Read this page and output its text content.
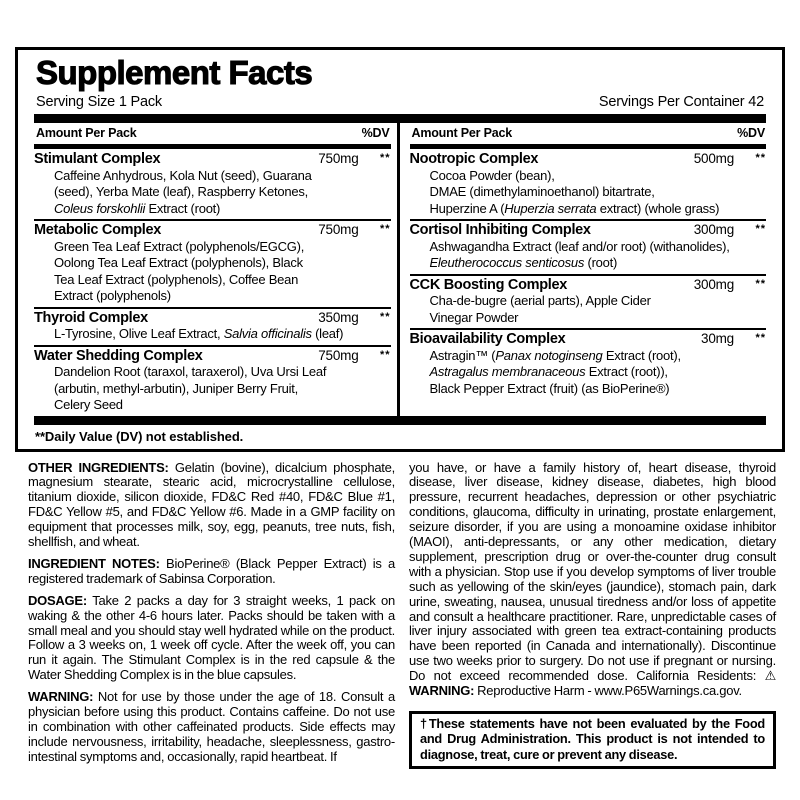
Supplement Facts
Serving Size 1 Pack	Servings Per Container 42
Amount Per Pack	%DV
Stimulant Complex	750mg	**
Caffeine Anhydrous, Kola Nut (seed), Guarana
(seed), Yerba Mate (leaf), Raspberry Ketones,
Coleus forskohlii Extract (root)
Metabolic Complex	750mg	**
Green Tea Leaf Extract (polyphenols/EGCG),
Oolong Tea Leaf Extract (polyphenols), Black
Tea Leaf Extract (polyphenols), Coffee Bean
Extract (polyphenols)
Thyroid Complex	350mg	**
L-Tyrosine, Olive Leaf Extract, Salvia officinalis (leaf)
Water Shedding Complex	750mg	**
Dandelion Root (taraxol, taraxerol), Uva Ursi Leaf
(arbutin, methyl-arbutin), Juniper Berry Fruit,
Celery Seed
Amount Per Pack	%DV
Nootropic Complex	500mg	**
Cocoa Powder (bean),
DMAE (dimethylaminoethanol) bitartrate,
Huperzine A (Huperzia serrata extract) (whole grass)
Cortisol Inhibiting Complex	300mg	**
Ashwagandha Extract (leaf and/or root) (withanolides),
Eleutherococcus senticosus (root)
CCK Boosting Complex	300mg	**
Cha-de-bugre (aerial parts), Apple Cider
Vinegar Powder
Bioavailability Complex	30mg	**
Astragin™ (Panax notoginseng Extract (root),
Astragalus membranaceous Extract (root)),
Black Pepper Extract (fruit) (as BioPerine®)
**Daily Value (DV) not established.

OTHER INGREDIENTS: Gelatin (bovine), dicalcium phosphate, magnesium stearate, stearic acid, microcrystalline cellulose, titanium dioxide, silicon dioxide, FD&C Red #40, FD&C Blue #1, FD&C Yellow #5, and FD&C Yellow #6. Made in a GMP facility on equipment that processes milk, soy, egg, peanuts, tree nuts, fish, shellfish, and wheat.

INGREDIENT NOTES: BioPerine® (Black Pepper Extract) is a registered trademark of Sabinsa Corporation.

DOSAGE: Take 2 packs a day for 3 straight weeks, 1 pack on waking & the other 4-6 hours later. Packs should be taken with a small meal and you should stay well hydrated while on the product. Follow a 3 weeks on, 1 week off cycle. After the week off, you can run it again. The Stimulant Complex is in the red capsule & the Water Shedding Complex is in the blue capsules.

WARNING: Not for use by those under the age of 18. Consult a physician before using this product. Contains caffeine. Do not use in combination with other caffeinated products. Side effects may include nervousness, irritability, headache, sleeplessness, gastro-intestinal symptoms and, occasionally, rapid heartbeat. If

you have, or have a family history of, heart disease, thyroid disease, liver disease, kidney disease, diabetes, high blood pressure, recurrent headaches, depression or other psychiatric conditions, glaucoma, difficulty in urinating, prostate enlargement, seizure disorder, if you are using a monoamine oxidase inhibitor (MAOI), anti-depressants, or any other medication, dietary supplement, prescription drug or over-the-counter drug consult with a physician. Stop use if you develop symptoms of liver trouble such as yellowing of the skin/eyes (jaundice), stomach pain, dark urine, sweating, nausea, unusual tiredness and/or loss of appetite and consult a healthcare practitioner. Rare, unpredictable cases of liver injury associated with green tea extract-containing products have been reported (in Canada and internationally). Discontinue use two weeks prior to surgery. Do not use if pregnant or nursing. Do not exceed recommended dose. California Residents: ⚠ WARNING: Reproductive Harm - www.P65Warnings.ca.gov.

†These statements have not been evaluated by the Food and Drug Administration. This product is not intended to diagnose, treat, cure or prevent any disease.
